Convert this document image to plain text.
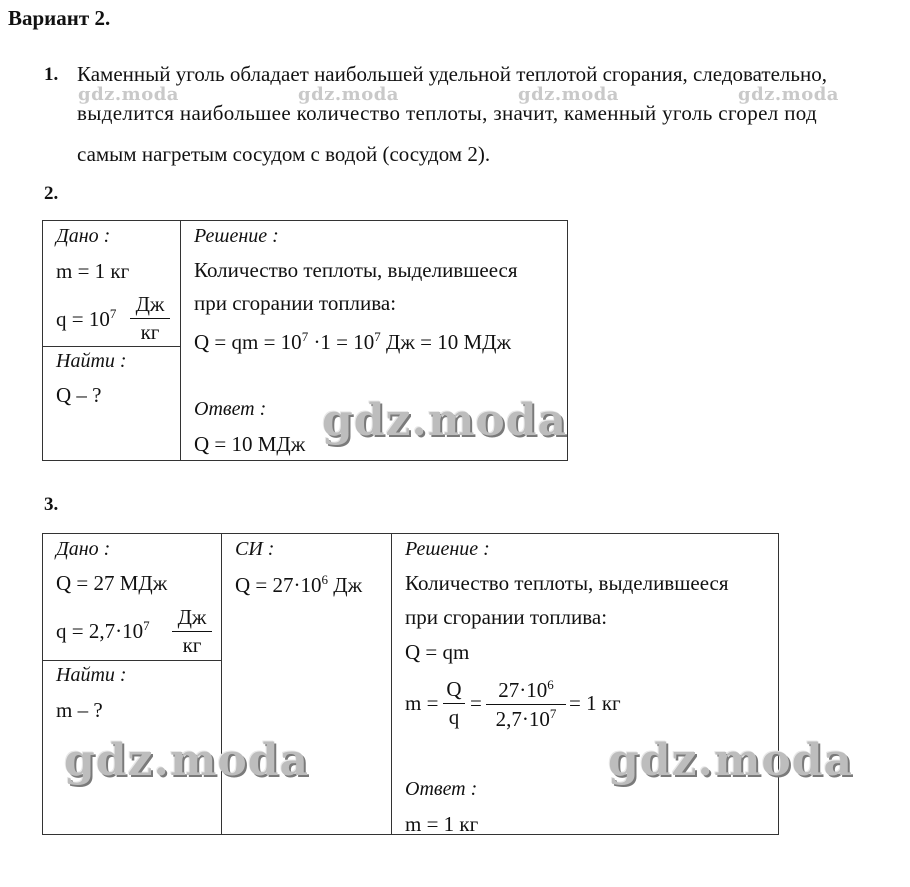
Вариант 2.
1. Каменный уголь обладает наибольшей удельной теплотой сгорания, следовательно,
gdz.moda	gdz.moda	gdz.moda	gdz.moda
выделится наибольшее количество теплоты, значит, каменный уголь сгорел под
самым нагретым сосудом с водой (сосудом 2).
2.
Дано :
m = 1 кг
$q = 10^7$ Дж
кг
Найти :
Q – ?
Решение :
Количество теплоты, выделившееся
при сгорании топлива:
Q = qm = $10^7 \cdot 1 = 10^7$ Дж = 10 МДж
Ответ :
Q = 10 МДж gdz.moda
3.
Дано :
Q = 27 МДж
$q = 2,7\cdot 10^7$ Дж
кг
Найти :
m – ?
СИ :
$Q = 27\cdot 10^6$ Дж
Решение :
Количество теплоты, выделившееся
при сгорании топлива:
Q = qm
m =
Q
q
=
$27\cdot 10^6$
$2,7\cdot 10^7 = 1$ кг
Ответ :
m = 1 кг
gdz.moda	gdz.moda
